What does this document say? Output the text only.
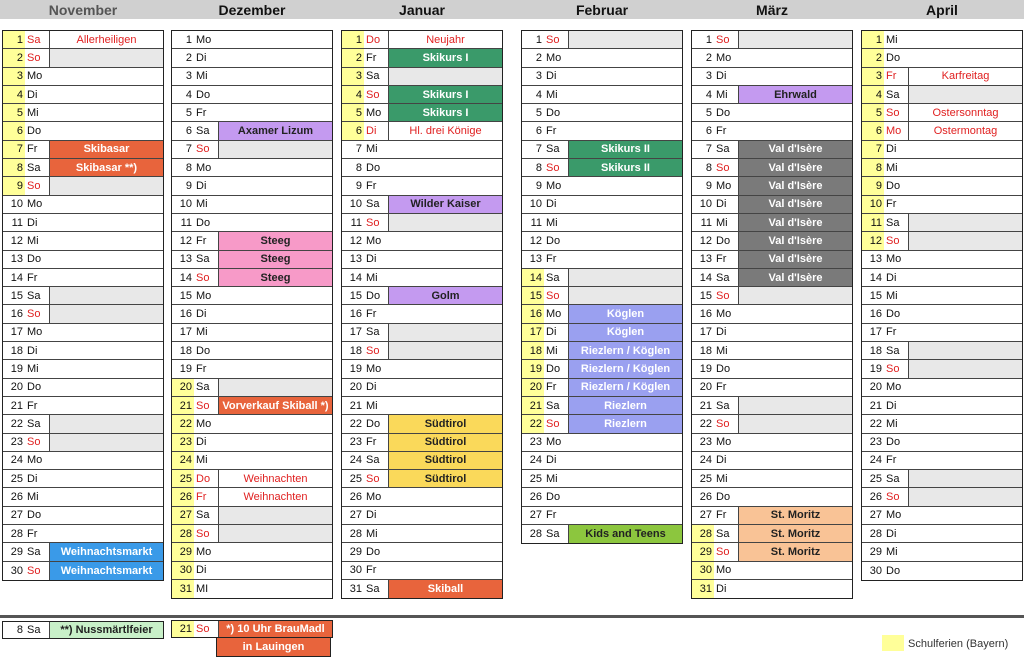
November	Dezember	Januar	Februar	März	April
1 Sa	Allerheiligen
2 So
3 Mo
4 Di
5 Mi
6 Do
7 Fr	Skibasar
8 Sa	Skibasar **)
9 So
10 Mo
11 Di
12 Mi
13 Do
14 Fr
15 Sa
16 So
17 Mo
18 Di
19 Mi
20 Do
21 Fr
22 Sa
23 So
24 Mo
25 Di
26 Mi
27 Do
28 Fr
29 Sa	Weihnachtsmarkt
30 So	Weihnachtsmarkt
1 Mo
2 Di
3 Mi
4 Do
5 Fr
6 Sa	Axamer Lizum
7 So
8 Mo
9 Di
10 Mi
11 Do
12 Fr	Steeg
13 Sa	Steeg
14 So	Steeg
15 Mo
16 Di
17 Mi
18 Do
19 Fr
20 Sa
21 So	Vorverkauf Skiball *)
22 Mo
23 Di
24 Mi
25 Do	Weihnachten
26 Fr	Weihnachten
27 Sa
28 So
29 Mo
30 Di
31 MI
1 Do	Neujahr
2 Fr	Skikurs I
3 Sa
4 So	Skikurs I
5 Mo	Skikurs I
6 Di	Hl. drei Könige
7 Mi
8 Do
9 Fr
10 Sa	Wilder Kaiser
11 So
12 Mo
13 Di
14 Mi
15 Do	Golm
16 Fr
17 Sa
18 So
19 Mo
20 Di
21 Mi
22 Do	Südtirol
23 Fr	Südtirol
24 Sa	Südtirol
25 So	Südtirol
26 Mo
27 Di
28 Mi
29 Do
30 Fr
31 Sa	Skiball
1 So
2 Mo
3 Di
4 Mi
5 Do
6 Fr
7 Sa	Skikurs II
8 So	Skikurs II
9 Mo
10 Di
11 Mi
12 Do
13 Fr
14 Sa
15 So
16 Mo	Köglen
17 Di	Köglen
18 Mi	Riezlern / Köglen
19 Do	Riezlern / Köglen
20 Fr	Riezlern / Köglen
21 Sa	Riezlern
22 So	Riezlern
23 Mo
24 Di
25 Mi
26 Do
27 Fr
28 Sa	Kids and Teens
1 So
2 Mo
3 Di
4 Mi	Ehrwald
5 Do
6 Fr
7 Sa	Val d'Isère
8 So	Val d'Isère
9 Mo	Val d'Isère
10 Di	Val d'Isère
11 Mi	Val d'Isère
12 Do	Val d'Isère
13 Fr	Val d'Isère
14 Sa	Val d'Isère
15 So
16 Mo
17 Di
18 Mi
19 Do
20 Fr
21 Sa
22 So
23 Mo
24 Di
25 Mi
26 Do
27 Fr	St. Moritz
28 Sa	St. Moritz
29 So	St. Moritz
30 Mo
31 Di
1 Mi
2 Do
3 Fr	Karfreitag
4 Sa
5 So	Ostersonntag
6 Mo	Ostermontag
7 Di
8 Mi
9 Do
10 Fr
11 Sa
12 So
13 Mo
14 Di
15 Mi
16 Do
17 Fr
18 Sa
19 So
20 Mo
21 Di
22 Mi
23 Do
24 Fr
25 Sa
26 So
27 Mo
28 Di
29 Mi
30 Do
8 Sa	**) Nussmärtlfeier	21 So	*) 10 Uhr BrauMadl
in Lauingen	Schulferien (Bayern)
